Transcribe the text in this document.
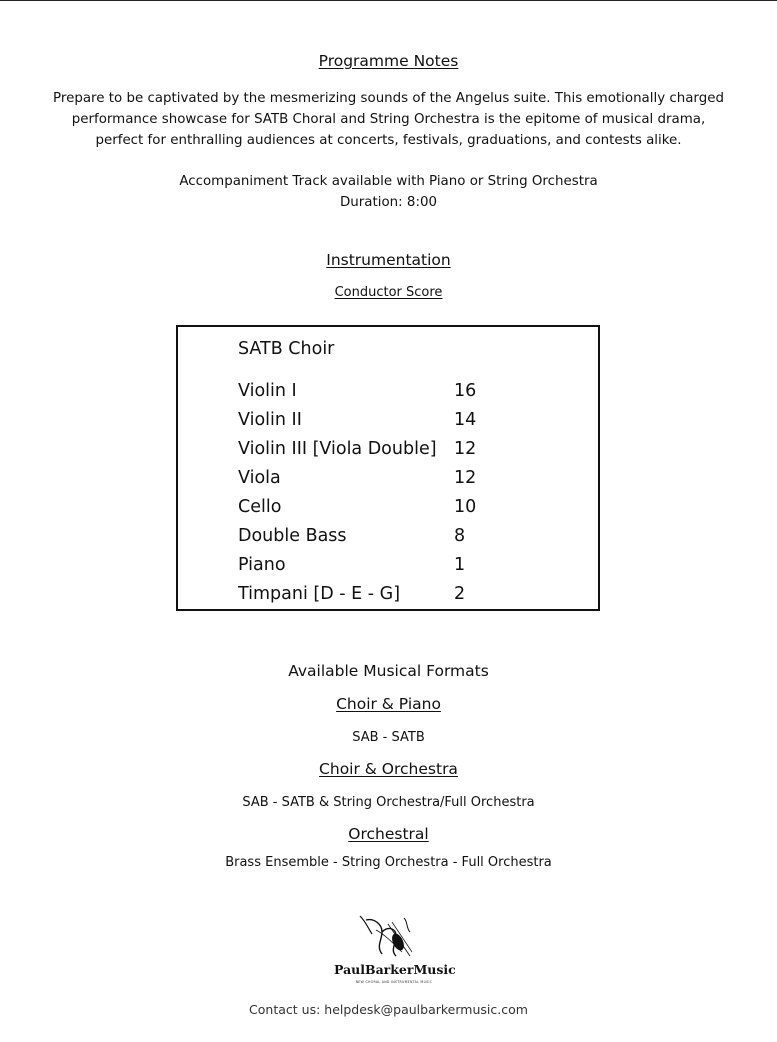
Programme Notes
Prepare to be captivated by the mesmerizing sounds of the Angelus suite. This emotionally charged
performance showcase for SATB Choral and String Orchestra is the epitome of musical drama,
perfect for enthralling audiences at concerts, festivals, graduations, and contests alike.
Accompaniment Track available with Piano or String Orchestra
Duration: 8:00
Instrumentation
Conductor Score
SATB Choir
Violin I	16
Violin II	14
Violin III [Viola Double] 12
Viola	12
Cello	10
Double Bass	8
Piano	1
Timpani [D - E - G]	2
Available Musical Formats
Choir & Piano
SAB - SATB
Choir & Orchestra
SAB - SATB & String Orchestra/Full Orchestra
Orchestral
Brass Ensemble - String Orchestra - Full Orchestra
PaulBarkerMusic
NEW CHORAL AND INSTRUMENTAL MUSIC
Contact us: helpdesk@paulbarkermusic.com
